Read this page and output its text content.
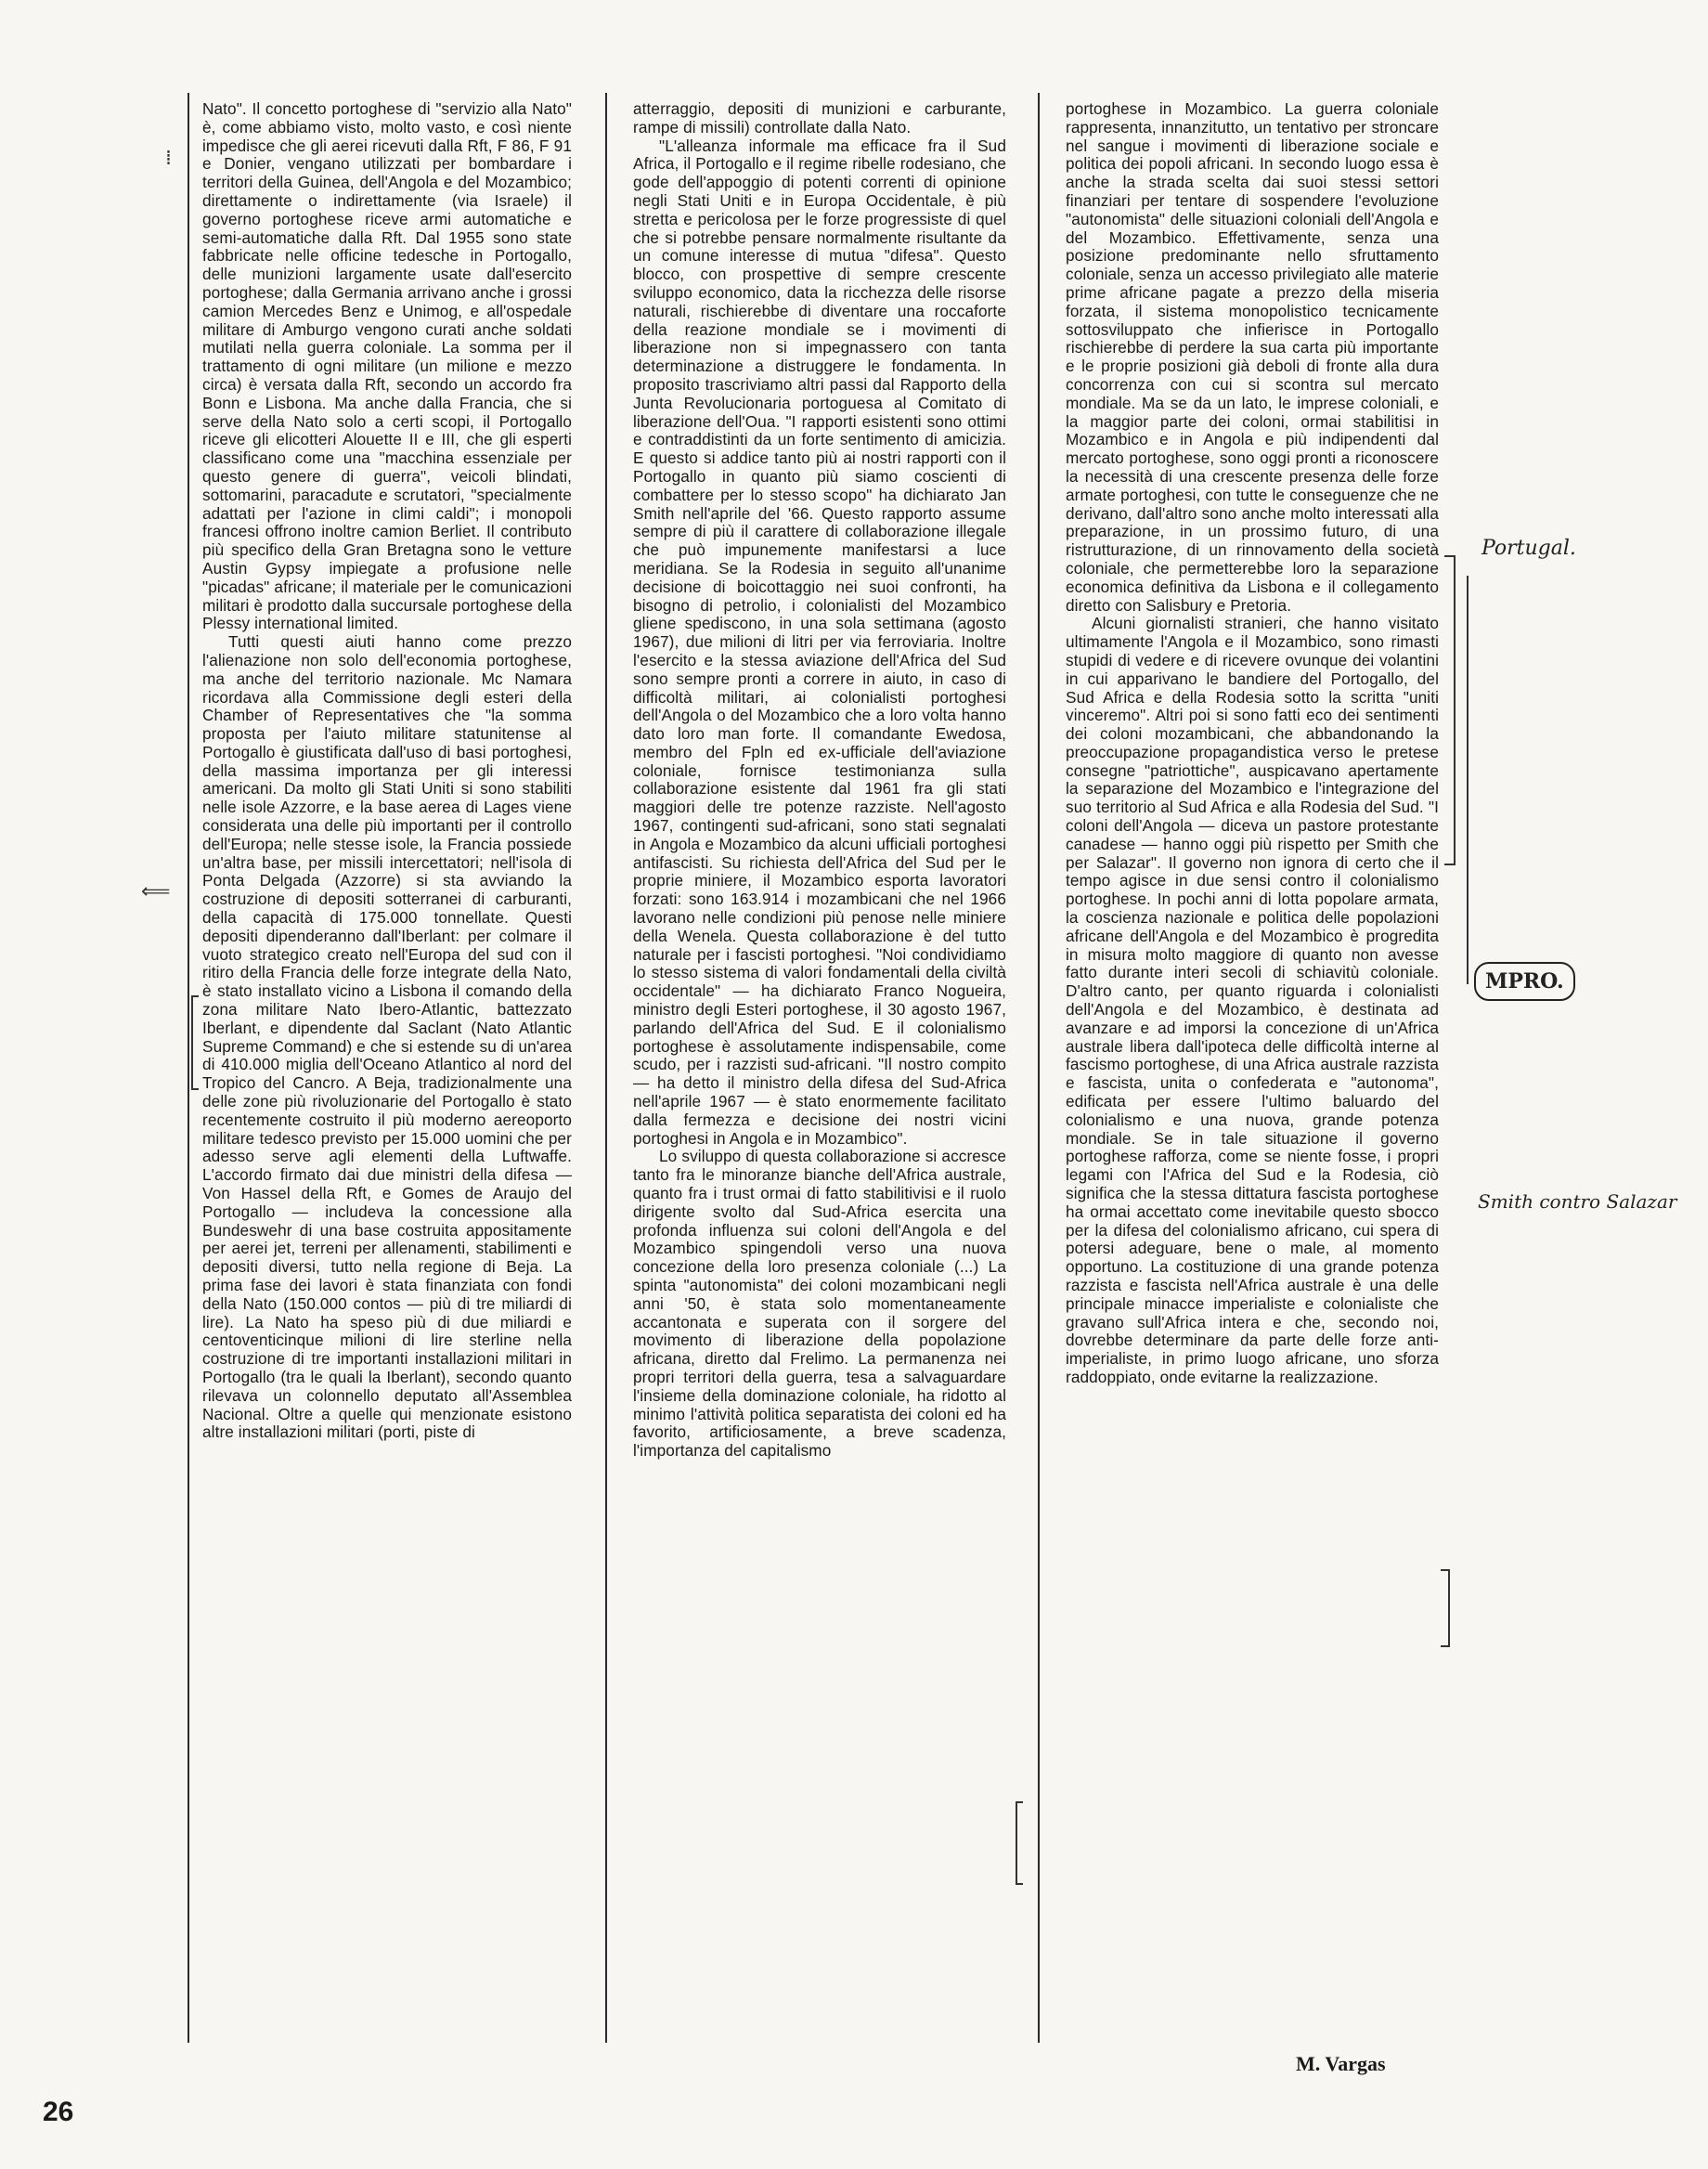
Nato". Il concetto portoghese di "servizio alla Nato" è, come abbiamo visto, molto vasto, e così niente impedisce che gli aerei ricevuti dalla Rft, F 86, F 91 e Donier, vengano utilizzati per bombardare i territori della Guinea, dell'Angola e del Mozambico; direttamente o indirettamente (via Israele) il governo portoghese riceve armi automatiche e semi-automatiche dalla Rft. Dal 1955 sono state fabbricate nelle officine tedesche in Portogallo, delle munizioni largamente usate dall'esercito portoghese; dalla Germania arrivano anche i grossi camion Mercedes Benz e Unimog, e all'ospedale militare di Amburgo vengono curati anche soldati mutilati nella guerra coloniale. La somma per il trattamento di ogni militare (un milione e mezzo circa) è versata dalla Rft, secondo un accordo fra Bonn e Lisbona. Ma anche dalla Francia, che si serve della Nato solo a certi scopi, il Portogallo riceve gli elicotteri Alouette II e III, che gli esperti classificano come una "macchina essenziale per questo genere di guerra", veicoli blindati, sottomarini, paracadute e scrutatori, "specialmente adattati per l'azione in climi caldi"; i monopoli francesi offrono inoltre camion Berliet. Il contributo più specifico della Gran Bretagna sono le vetture Austin Gypsy impiegate a profusione nelle "picadas" africane; il materiale per le comunicazioni militari è prodotto dalla succursale portoghese della Plessy international limited.

Tutti questi aiuti hanno come prezzo l'alienazione non solo dell'economia portoghese, ma anche del territorio nazionale. Mc Namara ricordava alla Commissione degli esteri della Chamber of Representatives che "la somma proposta per l'aiuto militare statunitense al Portogallo è giustificata dall'uso di basi portoghesi, della massima importanza per gli interessi americani. Da molto gli Stati Uniti si sono stabiliti nelle isole Azzorre, e la base aerea di Lages viene considerata una delle più importanti per il controllo dell'Europa; nelle stesse isole, la Francia possiede un'altra base, per missili intercettatori; nell'isola di Ponta Delgada (Azzorre) si sta avviando la costruzione di depositi sotterranei di carburanti, della capacità di 175.000 tonnellate. Questi depositi dipenderanno dall'Iberlant: per colmare il vuoto strategico creato nell'Europa del sud con il ritiro della Francia delle forze integrate della Nato, è stato installato vicino a Lisbona il comando della zona militare Nato Ibero-Atlantic, battezzato Iberlant, e dipendente dal Saclant (Nato Atlantic Supreme Command) e che si estende su di un'area di 410.000 miglia dell'Oceano Atlantico al nord del Tropico del Cancro. A Beja, tradizionalmente una delle zone più rivoluzionarie del Portogallo è stato recentemente costruito il più moderno aereoporto militare tedesco previsto per 15.000 uomini che per adesso serve agli elementi della Luftwaffe. L'accordo firmato dai due ministri della difesa — Von Hassel della Rft, e Gomes de Araujo del Portogallo — includeva la concessione alla Bundeswehr di una base costruita appositamente per aerei jet, terreni per allenamenti, stabilimenti e depositi diversi, tutto nella regione di Beja. La prima fase dei lavori è stata finanziata con fondi della Nato (150.000 contos — più di tre miliardi di lire). La Nato ha speso più di due miliardi e centoventicinque milioni di lire sterline nella costruzione di tre importanti installazioni militari in Portogallo (tra le quali la Iberlant), secondo quanto rilevava un colonnello deputato all'Assemblea Nacional. Oltre a quelle qui menzionate esistono altre installazioni militari (porti, piste di

atterraggio, depositi di munizioni e carburante, rampe di missili) controllate dalla Nato.

"L'alleanza informale ma efficace fra il Sud Africa, il Portogallo e il regime ribelle rodesiano, che gode dell'appoggio di potenti correnti di opinione negli Stati Uniti e in Europa Occidentale, è più stretta e pericolosa per le forze progressiste di quel che si potrebbe pensare normalmente risultante da un comune interesse di mutua "difesa". Questo blocco, con prospettive di sempre crescente sviluppo economico, data la ricchezza delle risorse naturali, rischierebbe di diventare una roccaforte della reazione mondiale se i movimenti di liberazione non si impegnassero con tanta determinazione a distruggere le fondamenta. In proposito trascriviamo altri passi dal Rapporto della Junta Revolucionaria portoguesa al Comitato di liberazione dell'Oua. "I rapporti esistenti sono ottimi e contraddistinti da un forte sentimento di amicizia. E questo si addice tanto più ai nostri rapporti con il Portogallo in quanto più siamo coscienti di combattere per lo stesso scopo" ha dichiarato Jan Smith nell'aprile del '66. Questo rapporto assume sempre di più il carattere di collaborazione illegale che può impunemente manifestarsi a luce meridiana. Se la Rodesia in seguito all'unanime decisione di boicottaggio nei suoi confronti, ha bisogno di petrolio, i colonialisti del Mozambico gliene spediscono, in una sola settimana (agosto 1967), due milioni di litri per via ferroviaria. Inoltre l'esercito e la stessa aviazione dell'Africa del Sud sono sempre pronti a correre in aiuto, in caso di difficoltà militari, ai colonialisti portoghesi dell'Angola o del Mozambico che a loro volta hanno dato loro man forte. Il comandante Ewedosa, membro del Fpln ed ex-ufficiale dell'aviazione coloniale, fornisce testimonianza sulla collaborazione esistente dal 1961 fra gli stati maggiori delle tre potenze razziste. Nell'agosto 1967, contingenti sud-africani, sono stati segnalati in Angola e Mozambico da alcuni ufficiali portoghesi antifascisti. Su richiesta dell'Africa del Sud per le proprie miniere, il Mozambico esporta lavoratori forzati: sono 163.914 i mozambicani che nel 1966 lavorano nelle condizioni più penose nelle miniere della Wenela. Questa collaborazione è del tutto naturale per i fascisti portoghesi. "Noi condividiamo lo stesso sistema di valori fondamentali della civiltà occidentale" — ha dichiarato Franco Nogueira, ministro degli Esteri portoghese, il 30 agosto 1967, parlando dell'Africa del Sud. E il colonialismo portoghese è assolutamente indispensabile, come scudo, per i razzisti sud-africani. "Il nostro compito — ha detto il ministro della difesa del Sud-Africa nell'aprile 1967 — è stato enormemente facilitato dalla fermezza e decisione dei nostri vicini portoghesi in Angola e in Mozambico".

Lo sviluppo di questa collaborazione si accresce tanto fra le minoranze bianche dell'Africa australe, quanto fra i trust ormai di fatto stabilitivisi e il ruolo dirigente svolto dal Sud-Africa esercita una profonda influenza sui coloni dell'Angola e del Mozambico spingendoli verso una nuova concezione della loro presenza coloniale (...) La spinta "autonomista" dei coloni mozambicani negli anni '50, è stata solo momentaneamente accantonata e superata con il sorgere del movimento di liberazione della popolazione africana, diretto dal Frelimo. La permanenza nei propri territori della guerra, tesa a salvaguardare l'insieme della dominazione coloniale, ha ridotto al minimo l'attività politica separatista dei coloni ed ha favorito, artificiosamente, a breve scadenza, l'importanza del capitalismo

portoghese in Mozambico. La guerra coloniale rappresenta, innanzitutto, un tentativo per stroncare nel sangue i movimenti di liberazione sociale e politica dei popoli africani. In secondo luogo essa è anche la strada scelta dai suoi stessi settori finanziari per tentare di sospendere l'evoluzione "autonomista" delle situazioni coloniali dell'Angola e del Mozambico. Effettivamente, senza una posizione predominante nello sfruttamento coloniale, senza un accesso privilegiato alle materie prime africane pagate a prezzo della miseria forzata, il sistema monopolistico tecnicamente sottosviluppato che infierisce in Portogallo rischierebbe di perdere la sua carta più importante e le proprie posizioni già deboli di fronte alla dura concorrenza con cui si scontra sul mercato mondiale. Ma se da un lato, le imprese coloniali, e la maggior parte dei coloni, ormai stabilitisi in Mozambico e in Angola e più indipendenti dal mercato portoghese, sono oggi pronti a riconoscere la necessità di una crescente presenza delle forze armate portoghesi, con tutte le conseguenze che ne derivano, dall'altro sono anche molto interessati alla preparazione, in un prossimo futuro, di una ristrutturazione, di un rinnovamento della società coloniale, che permetterebbe loro la separazione economica definitiva da Lisbona e il collegamento diretto con Salisbury e Pretoria.

Alcuni giornalisti stranieri, che hanno visitato ultimamente l'Angola e il Mozambico, sono rimasti stupidi di vedere e di ricevere ovunque dei volantini in cui apparivano le bandiere del Portogallo, del Sud Africa e della Rodesia sotto la scritta "uniti vinceremo". Altri poi si sono fatti eco dei sentimenti dei coloni mozambicani, che abbandonando la preoccupazione propagandistica verso le pretese consegne "patriottiche", auspicavano apertamente la separazione del Mozambico e l'integrazione del suo territorio al Sud Africa e alla Rodesia del Sud. "I coloni dell'Angola — diceva un pastore protestante canadese — hanno oggi più rispetto per Smith che per Salazar". Il governo non ignora di certo che il tempo agisce in due sensi contro il colonialismo portoghese. In pochi anni di lotta popolare armata, la coscienza nazionale e politica delle popolazioni africane dell'Angola e del Mozambico è progredita in misura molto maggiore di quanto non avesse fatto durante interi secoli di schiavitù coloniale. D'altro canto, per quanto riguarda i colonialisti dell'Angola e del Mozambico, è destinata ad avanzare e ad imporsi la concezione di un'Africa australe libera dall'ipoteca delle difficoltà interne al fascismo portoghese, di una Africa australe razzista e fascista, unita o confederata e "autonoma", edificata per essere l'ultimo baluardo del colonialismo e una nuova, grande potenza mondiale. Se in tale situazione il governo portoghese rafforza, come se niente fosse, i propri legami con l'Africa del Sud e la Rodesia, ciò significa che la stessa dittatura fascista portoghese ha ormai accettato come inevitabile questo sbocco per la difesa del colonialismo africano, cui spera di potersi adeguare, bene o male, al momento opportuno. La costituzione di una grande potenza razzista e fascista nell'Africa australe è una delle principale minacce imperialiste e colonialiste che gravano sull'Africa intera e che, secondo noi, dovrebbe determinare da parte delle forze anti-imperialiste, in primo luogo africane, uno sforza raddoppiato, onde evitarne la realizzazione.

M. Vargas
26
Portugal.
MPRO.
Smith contro Salazar
⟸
⁞
